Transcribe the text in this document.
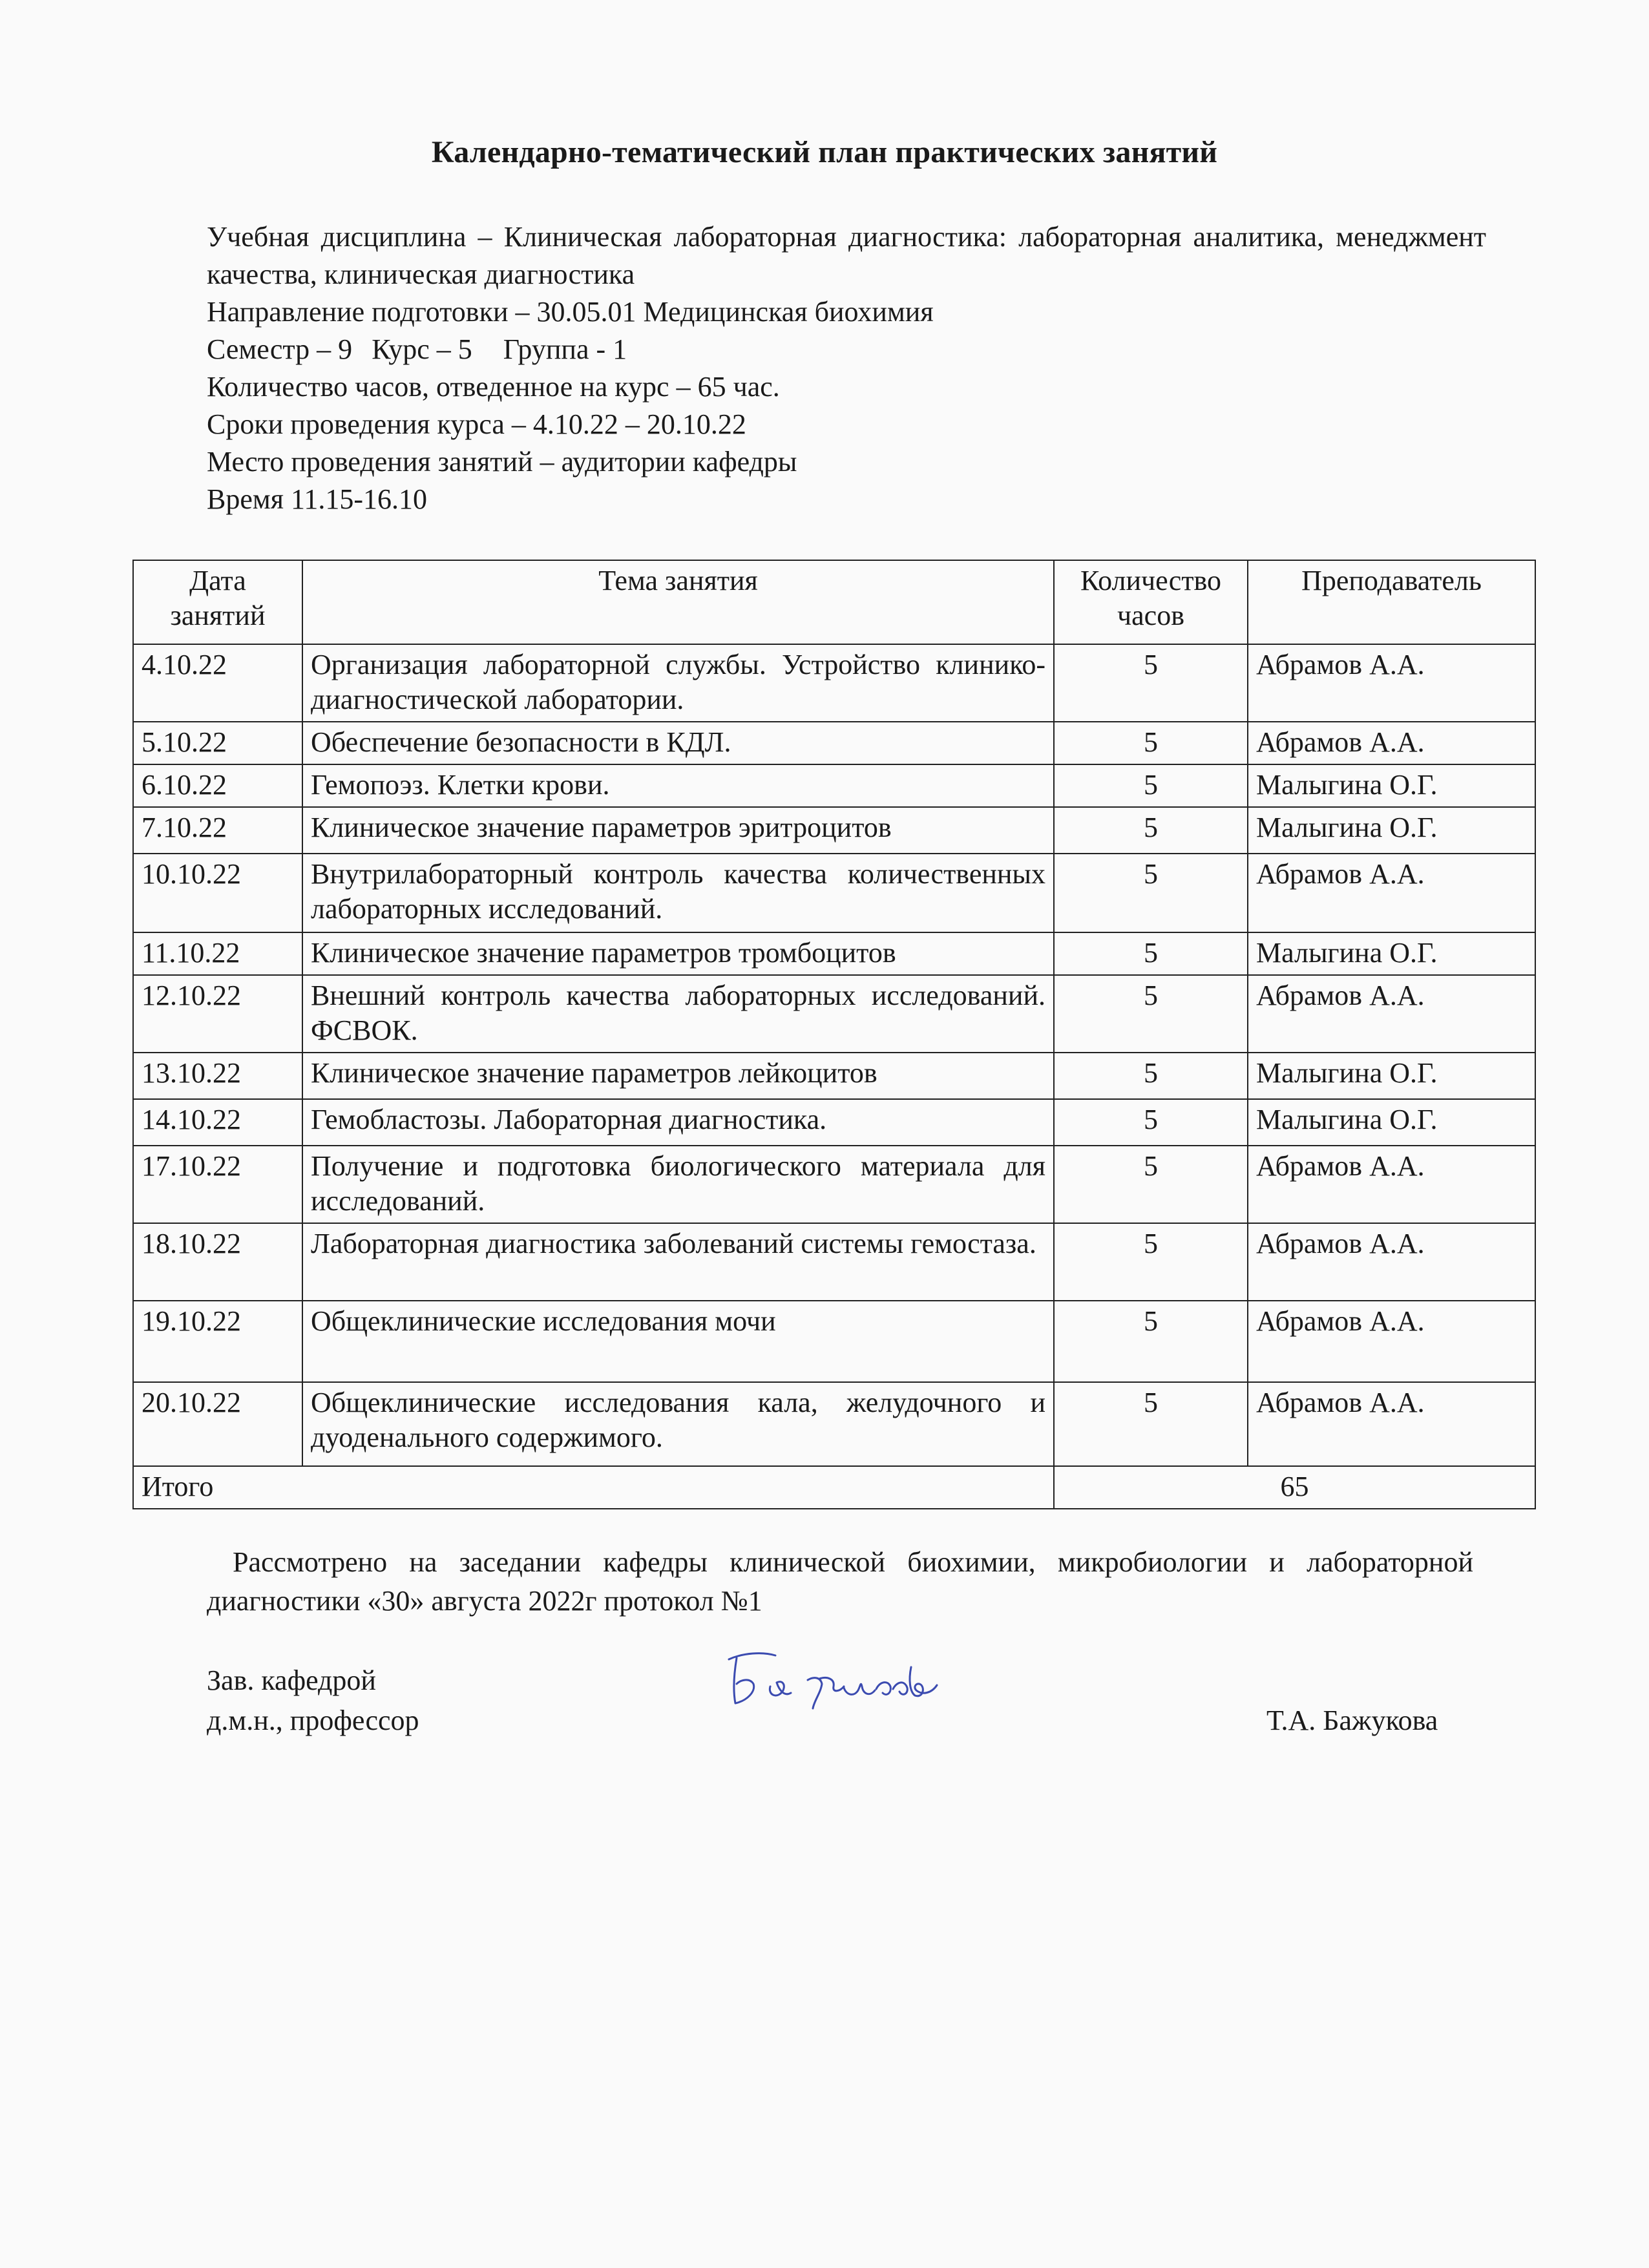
Календарно-тематический план практических занятий
Учебная дисциплина – Клиническая лабораторная диагностика: лабораторная аналитика, менеджмент качества, клиническая диагностика
Направление подготовки – 30.05.01 Медицинская биохимия
Семестр – 9 Курс – 5 Группа - 1
Количество часов, отведенное на курс – 65 час.
Сроки проведения курса – 4.10.22 – 20.10.22
Место проведения занятий – аудитории кафедры
Время 11.15-16.10
Дата занятий	Тема занятия	Количество часов	Преподаватель
4.10.22	Организация лабораторной службы. Устройство клинико-диагностической лаборатории.	5	Абрамов А.А.
5.10.22	Обеспечение безопасности в КДЛ.	5	Абрамов А.А.
6.10.22	Гемопоэз. Клетки крови.	5	Малыгина О.Г.
7.10.22	Клиническое значение параметров эритроцитов	5	Малыгина О.Г.
10.10.22	Внутрилабораторный контроль качества количественных лабораторных исследований.	5	Абрамов А.А.
11.10.22	Клиническое значение параметров тромбоцитов	5	Малыгина О.Г.
12.10.22	Внешний контроль качества лабораторных исследований. ФСВОК.	5	Абрамов А.А.
13.10.22	Клиническое значение параметров лейкоцитов	5	Малыгина О.Г.
14.10.22	Гемобластозы. Лабораторная диагностика.	5	Малыгина О.Г.
17.10.22	Получение и подготовка биологического материала для исследований.	5	Абрамов А.А.
18.10.22	Лабораторная диагностика заболеваний системы гемостаза.	5	Абрамов А.А.
19.10.22	Общеклинические исследования мочи	5	Абрамов А.А.
20.10.22	Общеклинические исследования кала, желудочного и дуоденального содержимого.	5	Абрамов А.А.
Итого		65	
Рассмотрено на заседании кафедры клинической биохимии, микробиологии и лабораторной диагностики «30» августа 2022г протокол №1
Зав. кафедрой
д.м.н., профессор	Т.А. Бажукова
